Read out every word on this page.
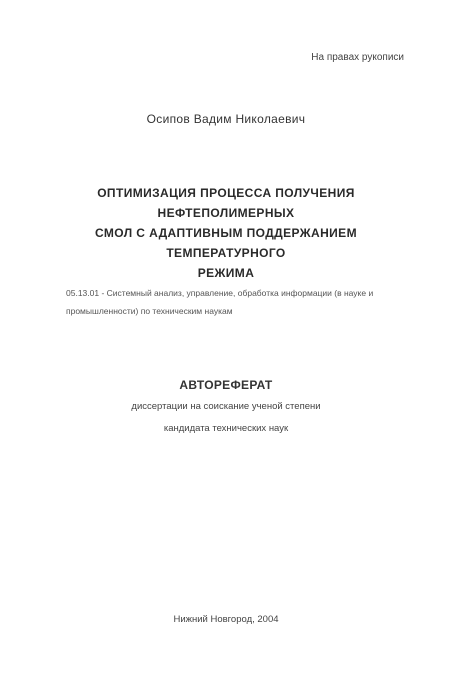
На правах рукописи
Осипов Вадим Николаевич
ОПТИМИЗАЦИЯ ПРОЦЕССА ПОЛУЧЕНИЯ НЕФТЕПОЛИМЕРНЫХ
СМОЛ С АДАПТИВНЫМ ПОДДЕРЖАНИЕМ ТЕМПЕРАТУРНОГО
РЕЖИМА
05.13.01 - Системный анализ, управление, обработка информации (в науке и промышленности) по техническим наукам
АВТОРЕФЕРАТ
диссертации на соискание ученой степени
кандидата технических наук
Нижний Новгород, 2004
